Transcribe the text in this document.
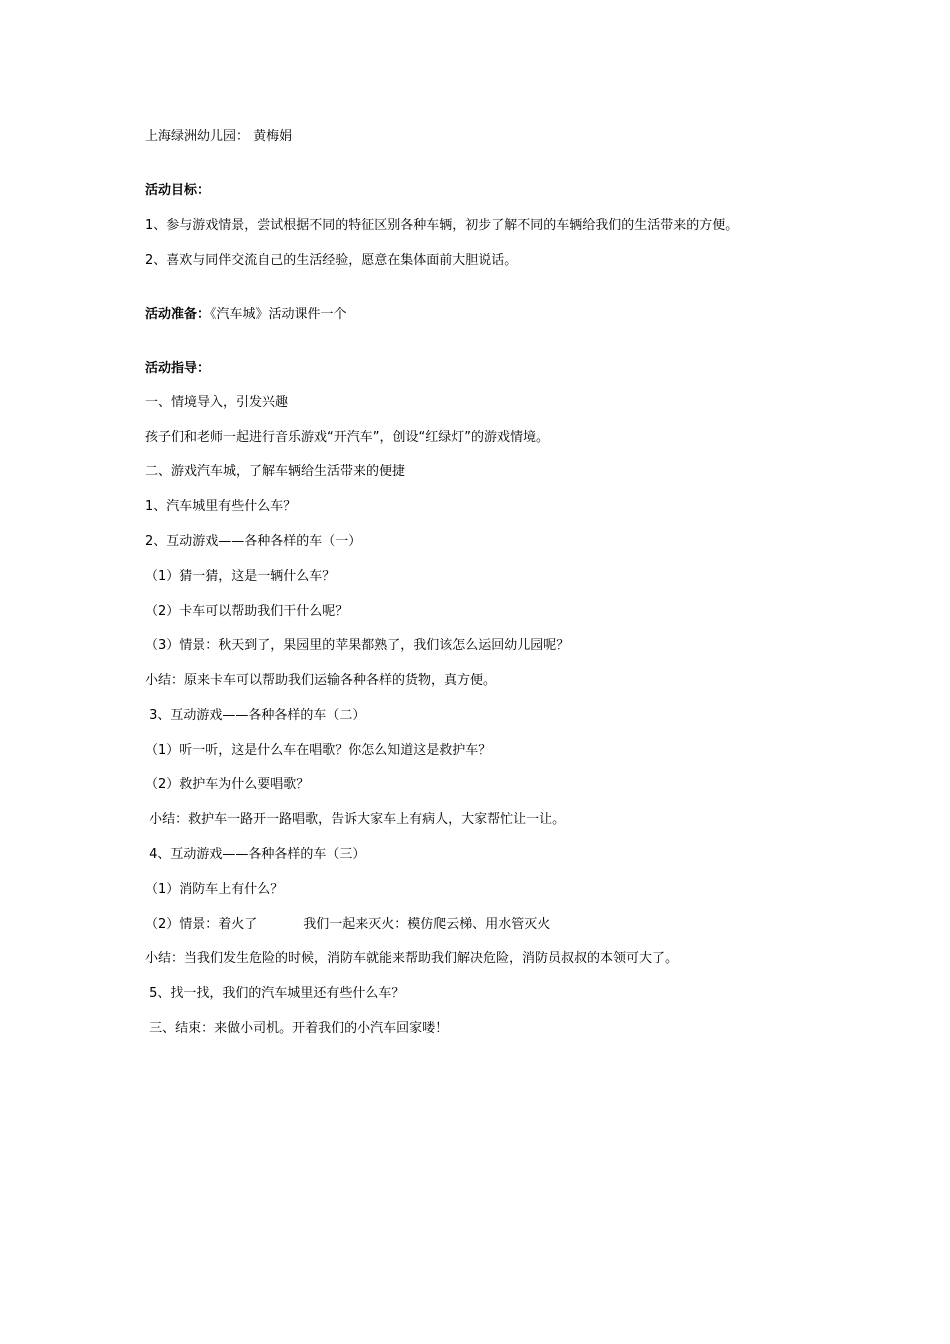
上海绿洲幼儿园： 黄梅娟
活动目标：
1、参与游戏情景，尝试根据不同的特征区别各种车辆，初步了解不同的车辆给我们的生活带来的方便。
2、喜欢与同伴交流自己的生活经验，愿意在集体面前大胆说话。
活动准备：《汽车城》活动课件一个
活动指导：
一、情境导入，引发兴趣
孩子们和老师一起进行音乐游戏“开汽车”，创设“红绿灯”的游戏情境。
二、游戏汽车城，了解车辆给生活带来的便捷
1、汽车城里有些什么车？
2、互动游戏——各种各样的车（一）
（1）猜一猜，这是一辆什么车？
（2）卡车可以帮助我们干什么呢？
（3）情景：秋天到了，果园里的苹果都熟了，我们该怎么运回幼儿园呢？
小结：原来卡车可以帮助我们运输各种各样的货物，真方便。
3、互动游戏——各种各样的车（二）
（1）听一听，这是什么车在唱歌？你怎么知道这是救护车？
（2）救护车为什么要唱歌？
小结：救护车一路开一路唱歌，告诉大家车上有病人，大家帮忙让一让。
4、互动游戏——各种各样的车（三）
（1）消防车上有什么？
（2）情景：着火了	我们一起来灭火：模仿爬云梯、用水管灭火
小结：当我们发生危险的时候，消防车就能来帮助我们解决危险，消防员叔叔的本领可大了。
5、找一找，我们的汽车城里还有些什么车？
三、结束：来做小司机。开着我们的小汽车回家喽！
